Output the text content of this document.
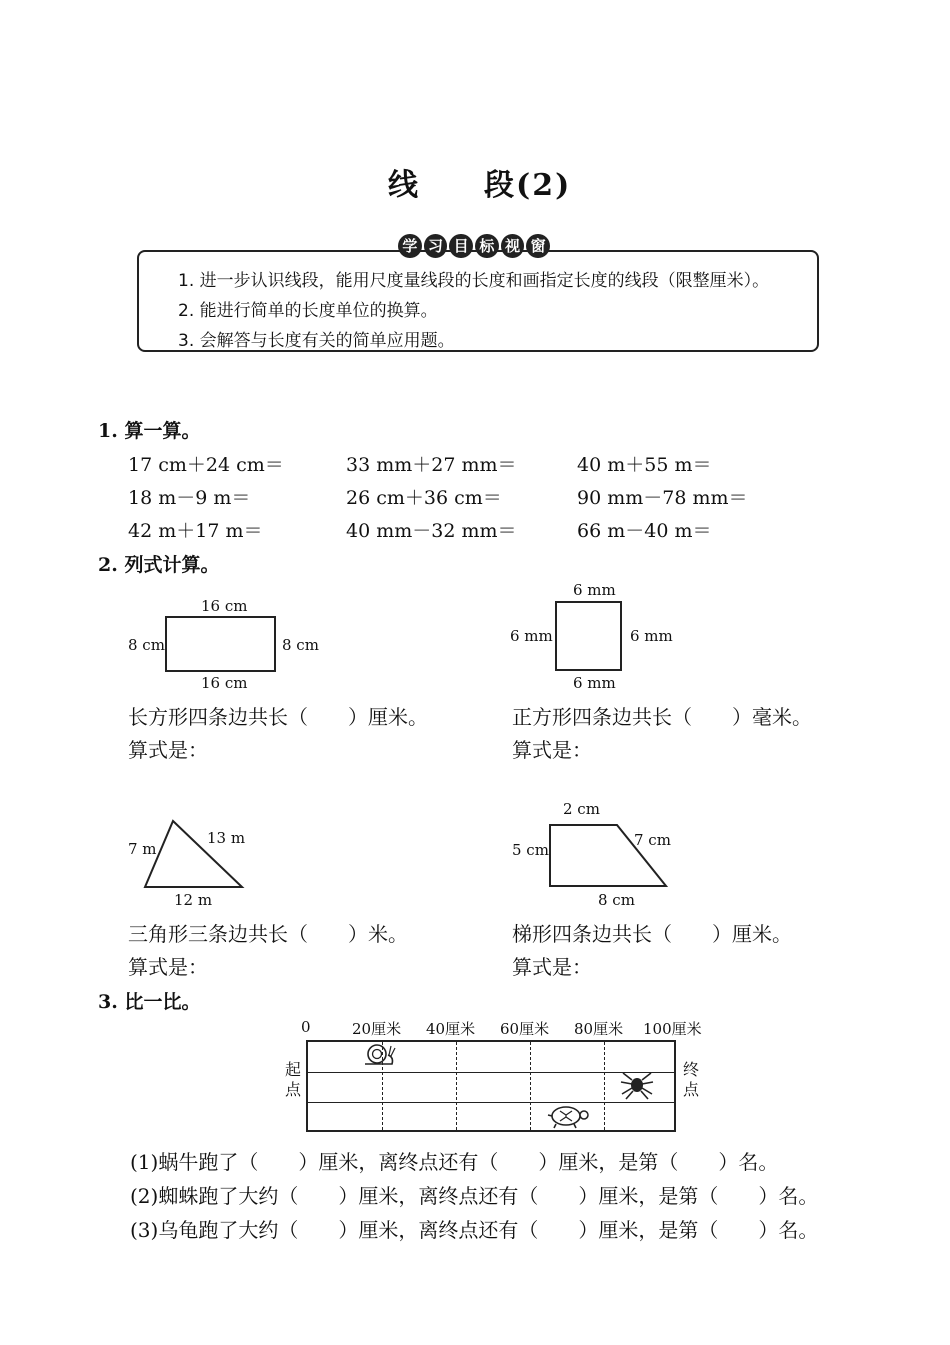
线　　段(2)
学 习 目 标 视 窗
1. 进一步认识线段，能用尺度量线段的长度和画指定长度的线段（限整厘米）。
2. 能进行简单的长度单位的换算。
3. 会解答与长度有关的简单应用题。
1. 算一算。
17 cm＋24 cm＝	33 mm＋27 mm＝	40 m＋55 m＝
18 m－9 m＝	26 cm＋36 cm＝	90 mm－78 mm＝
42 m＋17 m＝	40 mm－32 mm＝	66 m－40 m＝
2. 列式计算。
16 cm
16 cm
8 cm	8 cm
长方形四条边共长（　　）厘米。
算式是：
6 mm
6 mm
6 mm	6 mm
正方形四条边共长（　　）毫米。
算式是：
7 m
13 m
12 m
三角形三条边共长（　　）米。
算式是：
2 cm
5 cm
7 cm
8 cm
梯形四条边共长（　　）厘米。
算式是：
3. 比一比。
0	20厘米 40厘米 60厘米 80厘米 100厘米
起点
终点
(1)蜗牛跑了（　　）厘米，离终点还有（　　）厘米，是第（　　）名。
(2)蜘蛛跑了大约（　　）厘米，离终点还有（　　）厘米，是第（　　）名。
(3)乌龟跑了大约（　　）厘米，离终点还有（　　）厘米，是第（　　）名。
